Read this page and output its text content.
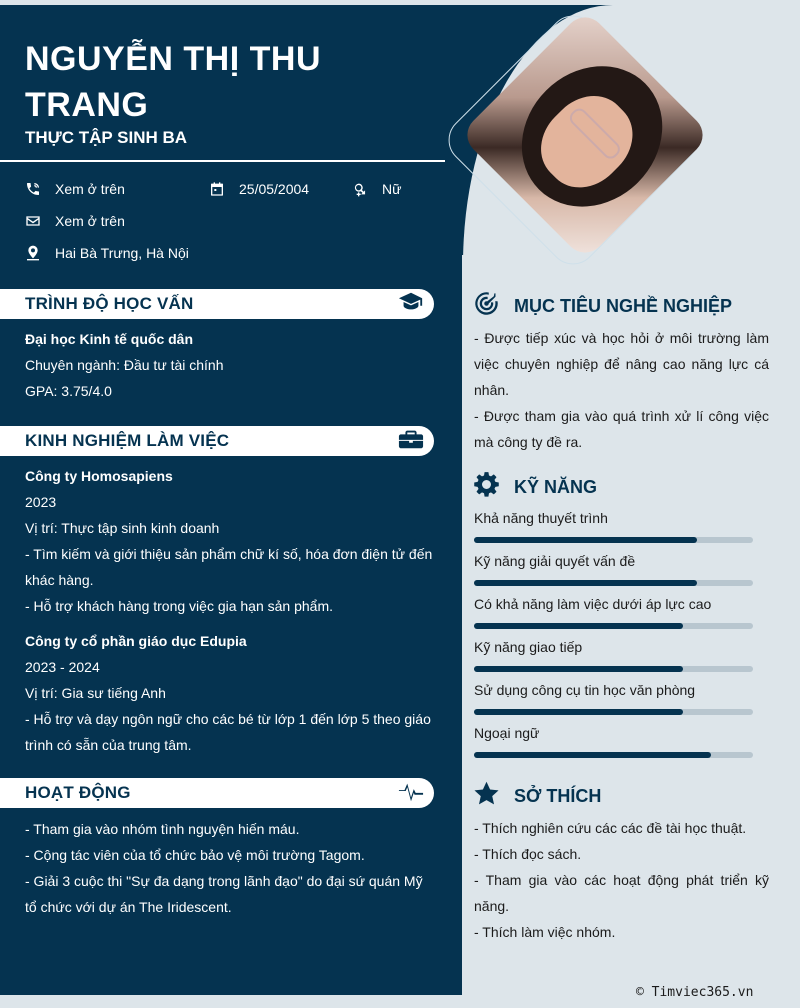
NGUYỄN THỊ THU TRANG
THỰC TẬP SINH BA
Xem ở trên	25/05/2004	Nữ
Xem ở trên
Hai Bà Trưng, Hà Nội
TRÌNH ĐỘ HỌC VẤN
Đại học Kinh tế quốc dân
Chuyên ngành: Đầu tư tài chính
GPA: 3.75/4.0
KINH NGHIỆM LÀM VIỆC
Công ty Homosapiens
2023
Vị trí: Thực tập sinh kinh doanh
- Tìm kiếm và giới thiệu sản phẩm chữ kí số, hóa đơn điện tử đến khác hàng.
- Hỗ trợ khách hàng trong việc gia hạn sản phẩm.
Công ty cổ phần giáo dục Edupia
2023 - 2024
Vị trí: Gia sư tiếng Anh
- Hỗ trợ và dạy ngôn ngữ cho các bé từ lớp 1 đến lớp 5 theo giáo trình có sẵn của trung tâm.
HOẠT ĐỘNG
- Tham gia vào nhóm tình nguyện hiến máu.
- Cộng tác viên của tổ chức bảo vệ môi trường Tagom.
- Giải 3 cuộc thi "Sự đa dạng trong lãnh đạo" do đại sứ quán Mỹ tổ chức với dự án The Iridescent.
MỤC TIÊU NGHỀ NGHIỆP
- Được tiếp xúc và học hỏi ở môi trường làm việc chuyên nghiệp để nâng cao năng lực cá nhân.
- Được tham gia vào quá trình xử lí công việc mà công ty đề ra.
KỸ NĂNG
Khả năng thuyết trình
Kỹ năng giải quyết vấn đề
Có khả năng làm việc dưới áp lực cao
Kỹ năng giao tiếp
Sử dụng công cụ tin học văn phòng
Ngoại ngữ
SỞ THÍCH
- Thích nghiên cứu các các đề tài học thuật.
- Thích đọc sách.
- Tham gia vào các hoạt động phát triển kỹ năng.
- Thích làm việc nhóm.
© Timviec365.vn
